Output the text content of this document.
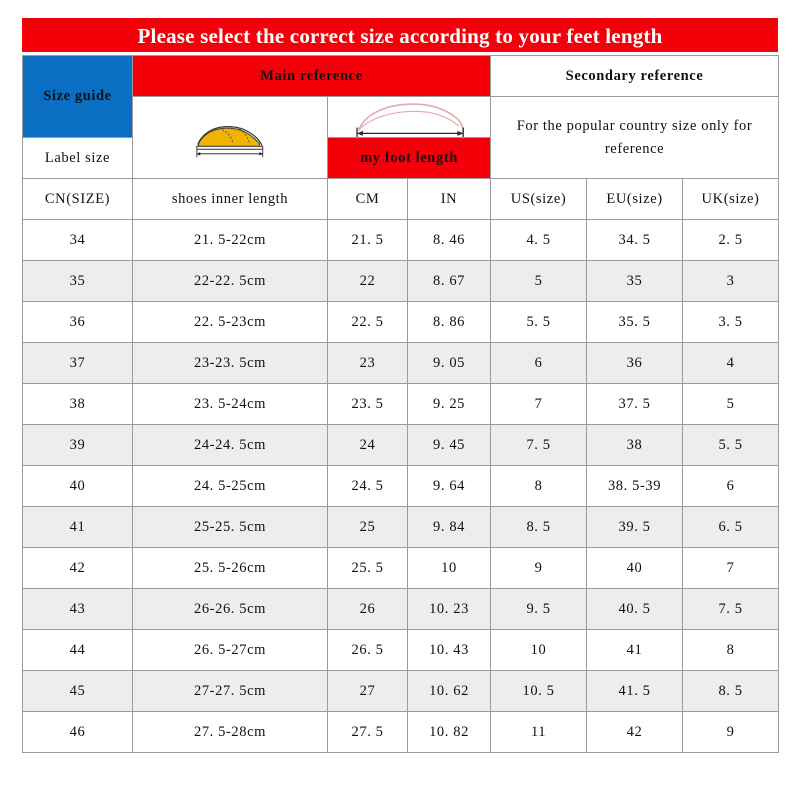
Please select the correct size according to your feet length
Size guide	Main reference			Secondary reference		

	For the popular country size only for reference		
Label size		my foot length				
CN(SIZE)	shoes inner length	CM	IN	US(size)	EU(size)	UK(size)
34	21. 5-22cm	21. 5	8. 46	4. 5	34. 5	2. 5
35	22-22. 5cm	22	8. 67	5	35	3
36	22. 5-23cm	22. 5	8. 86	5. 5	35. 5	3. 5
37	23-23. 5cm	23	9. 05	6	36	4
38	23. 5-24cm	23. 5	9. 25	7	37. 5	5
39	24-24. 5cm	24	9. 45	7. 5	38	5. 5
40	24. 5-25cm	24. 5	9. 64	8	38. 5-39	6
41	25-25. 5cm	25	9. 84	8. 5	39. 5	6. 5
42	25. 5-26cm	25. 5	10	9	40	7
43	26-26. 5cm	26	10. 23	9. 5	40. 5	7. 5
44	26. 5-27cm	26. 5	10. 43	10	41	8
45	27-27. 5cm	27	10. 62	10. 5	41. 5	8. 5
46	27. 5-28cm	27. 5	10. 82	11	42	9
